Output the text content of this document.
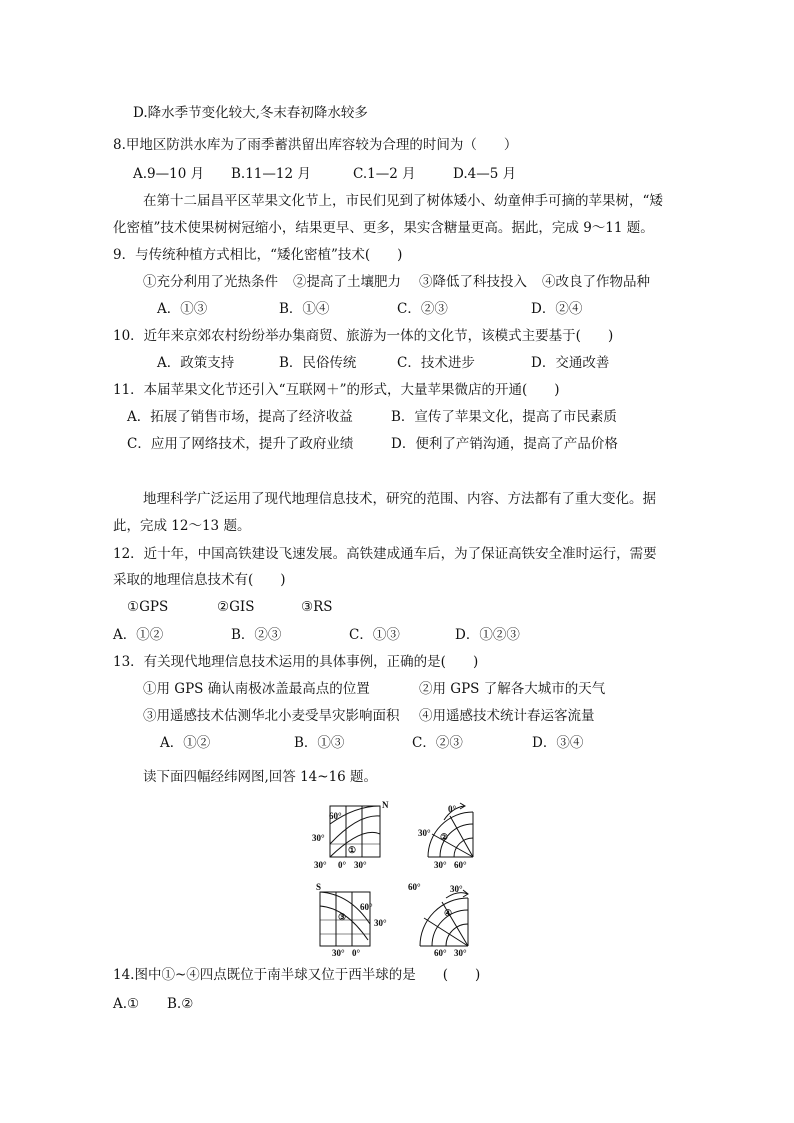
D.降水季节变化较大,冬末春初降水较多
8.甲地区防洪水库为了雨季蓄洪留出库容较为合理的时间为（　　）
A.9—10 月 B.11—12 月	C.1—2 月	D.4—5 月
在第十二届昌平区苹果文化节上，市民们见到了树体矮小、幼童伸手可摘的苹果树，“矮
化密植”技术使果树树冠缩小，结果更早、更多，果实含糖量更高。据此，完成 9～11 题。
9．与传统种植方式相比，“矮化密植”技术(　　)
①充分利用了光热条件 ②提高了土壤肥力 ③降低了科技投入 ④改良了作物品种
A．①③	B．①④	C．②③	D．②④
10．近年来京郊农村纷纷举办集商贸、旅游为一体的文化节，该模式主要基于(　　)
A．政策支持	B．民俗传统	C．技术进步	D．交通改善
11．本届苹果文化节还引入“互联网＋”的形式，大量苹果微店的开通(　　)
A．拓展了销售市场，提高了经济收益	B．宣传了苹果文化，提高了市民素质
C．应用了网络技术，提升了政府业绩	D．便利了产销沟通，提高了产品价格
地理科学广泛运用了现代地理信息技术，研究的范围、内容、方法都有了重大变化。据
此，完成 12～13 题。
12．近十年，中国高铁建设飞速发展。高铁建成通车后，为了保证高铁安全准时运行，需要
采取的地理信息技术有(　　)
①GPS	②GIS	③RS
A．①②	B．②③	C．①③	D．①②③
13．有关现代地理信息技术运用的具体事例，正确的是(　　)
①用 GPS 确认南极冰盖最高点的位置	②用 GPS 了解各大城市的天气
③用遥感技术估测华北小麦受旱灾影响面积 ④用遥感技术统计春运客流量
A．①②	B．①③	C．②③	D．③④
读下面四幅经纬网图,回答 14~16 题。
N
60°
30°
①
30° 0° 30°
0°
30° ②
30° 60°
S
60°
30°
③
30° 0°
60°	30°
④
60° 30°
14.图中①~④四点既位于南半球又位于西半球的是　　(　　)
A.① B.②
